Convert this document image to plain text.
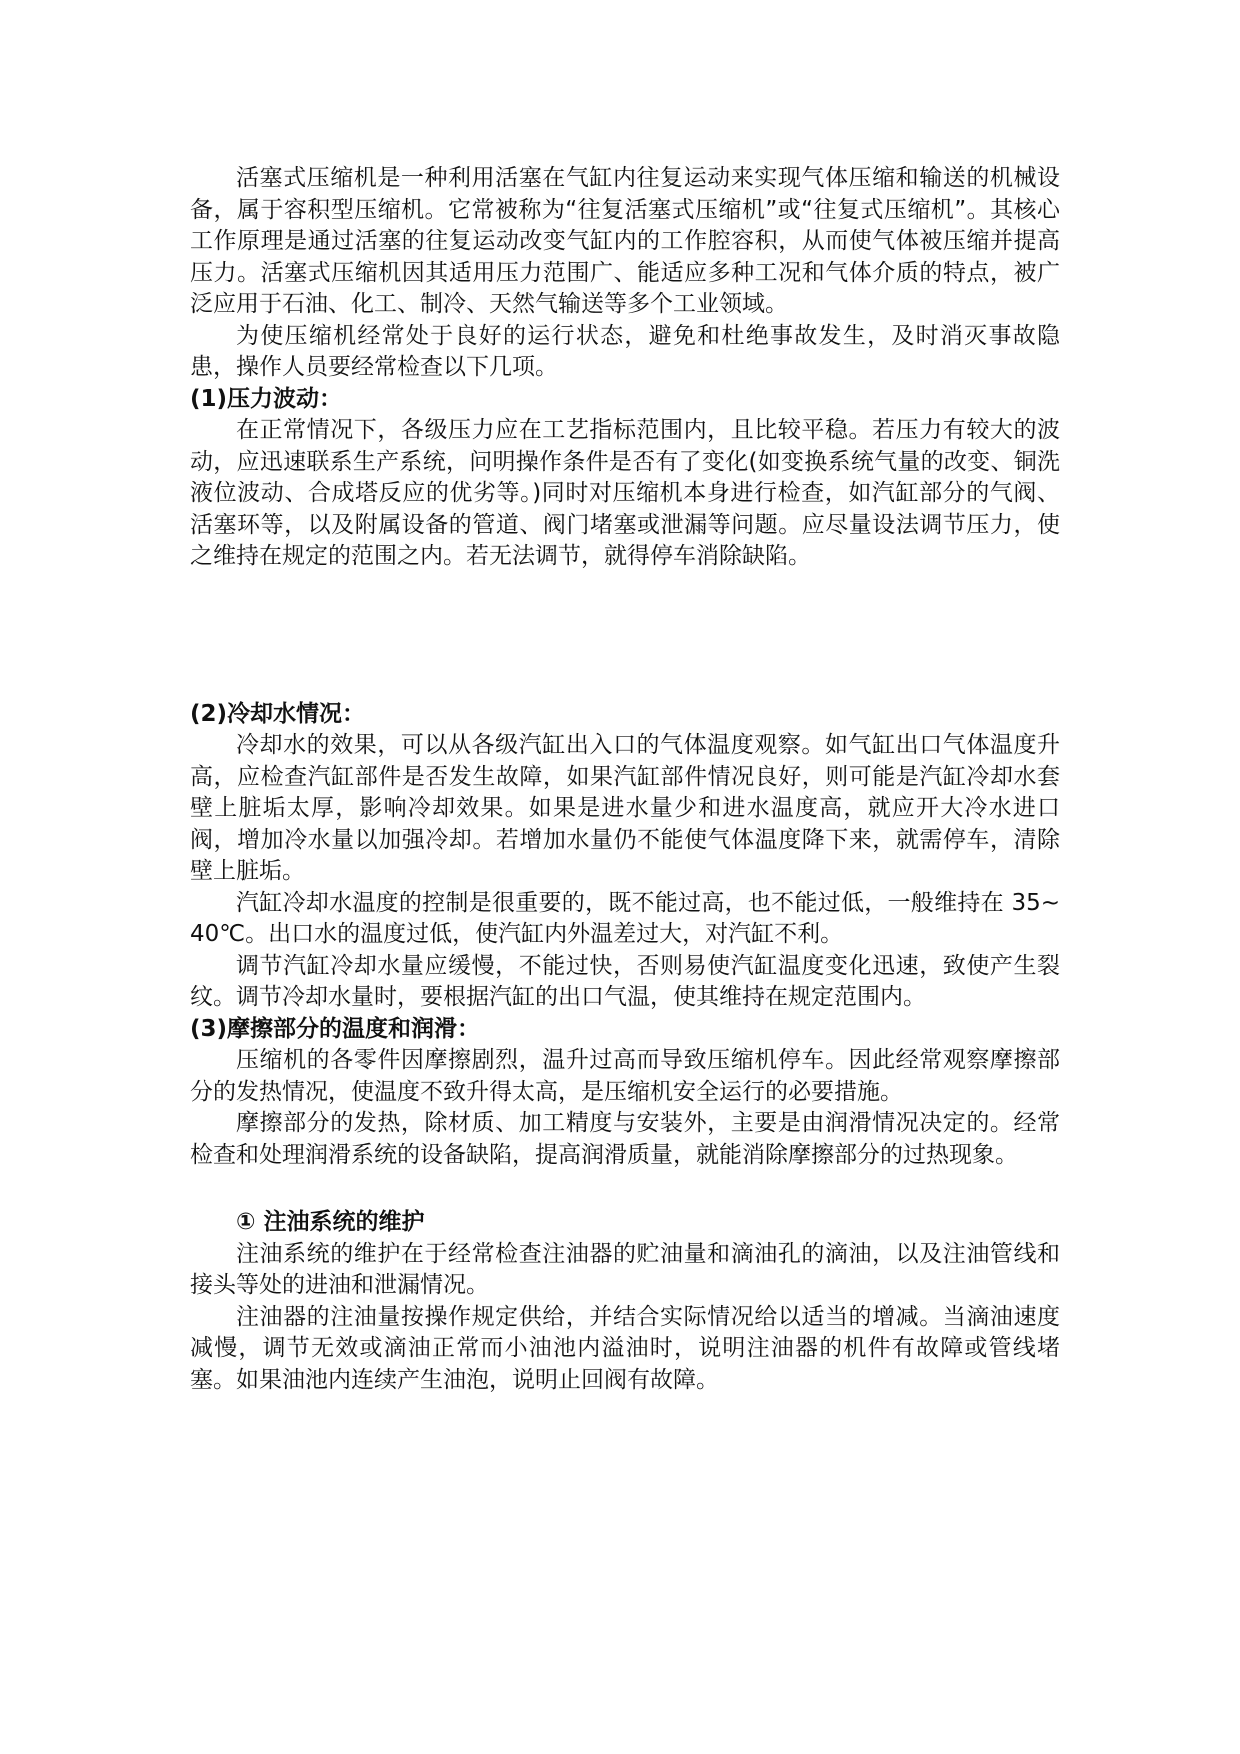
活塞式压缩机是一种利用活塞在气缸内往复运动来实现气体压缩和输送的机械设备，属于容积型压缩机。它常被称为“往复活塞式压缩机”或“往复式压缩机”。其核心工作原理是通过活塞的往复运动改变气缸内的工作腔容积，从而使气体被压缩并提高压力。活塞式压缩机因其适用压力范围广、能适应多种工况和气体介质的特点，被广泛应用于石油、化工、制冷、天然气输送等多个工业领域。

为使压缩机经常处于良好的运行状态，避免和杜绝事故发生，及时消灭事故隐患，操作人员要经常检查以下几项。

(1)压力波动：

在正常情况下，各级压力应在工艺指标范围内，且比较平稳。若压力有较大的波动，应迅速联系生产系统，问明操作条件是否有了变化(如变换系统气量的改变、铜洗液位波动、合成塔反应的优劣等。)同时对压缩机本身进行检查，如汽缸部分的气阀、活塞环等，以及附属设备的管道、阀门堵塞或泄漏等问题。应尽量设法调节压力，使之维持在规定的范围之内。若无法调节，就得停车消除缺陷。

(2)冷却水情况：

冷却水的效果，可以从各级汽缸出入口的气体温度观察。如气缸出口气体温度升高，应检查汽缸部件是否发生故障，如果汽缸部件情况良好，则可能是汽缸冷却水套壁上脏垢太厚，影响冷却效果。如果是进水量少和进水温度高，就应开大冷水进口阀，增加冷水量以加强冷却。若增加水量仍不能使气体温度降下来，就需停车，清除壁上脏垢。

汽缸冷却水温度的控制是很重要的，既不能过高，也不能过低，一般维持在 35~40℃。出口水的温度过低，使汽缸内外温差过大，对汽缸不利。

调节汽缸冷却水量应缓慢，不能过快，否则易使汽缸温度变化迅速，致使产生裂纹。调节冷却水量时，要根据汽缸的出口气温，使其维持在规定范围内。

(3)摩擦部分的温度和润滑：

压缩机的各零件因摩擦剧烈，温升过高而导致压缩机停车。因此经常观察摩擦部分的发热情况，使温度不致升得太高，是压缩机安全运行的必要措施。

摩擦部分的发热，除材质、加工精度与安装外，主要是由润滑情况决定的。经常检查和处理润滑系统的设备缺陷，提高润滑质量，就能消除摩擦部分的过热现象。

① 注油系统的维护

注油系统的维护在于经常检查注油器的贮油量和滴油孔的滴油，以及注油管线和接头等处的进油和泄漏情况。

注油器的注油量按操作规定供给，并结合实际情况给以适当的增减。当滴油速度减慢，调节无效或滴油正常而小油池内溢油时，说明注油器的机件有故障或管线堵塞。如果油池内连续产生油泡，说明止回阀有故障。
